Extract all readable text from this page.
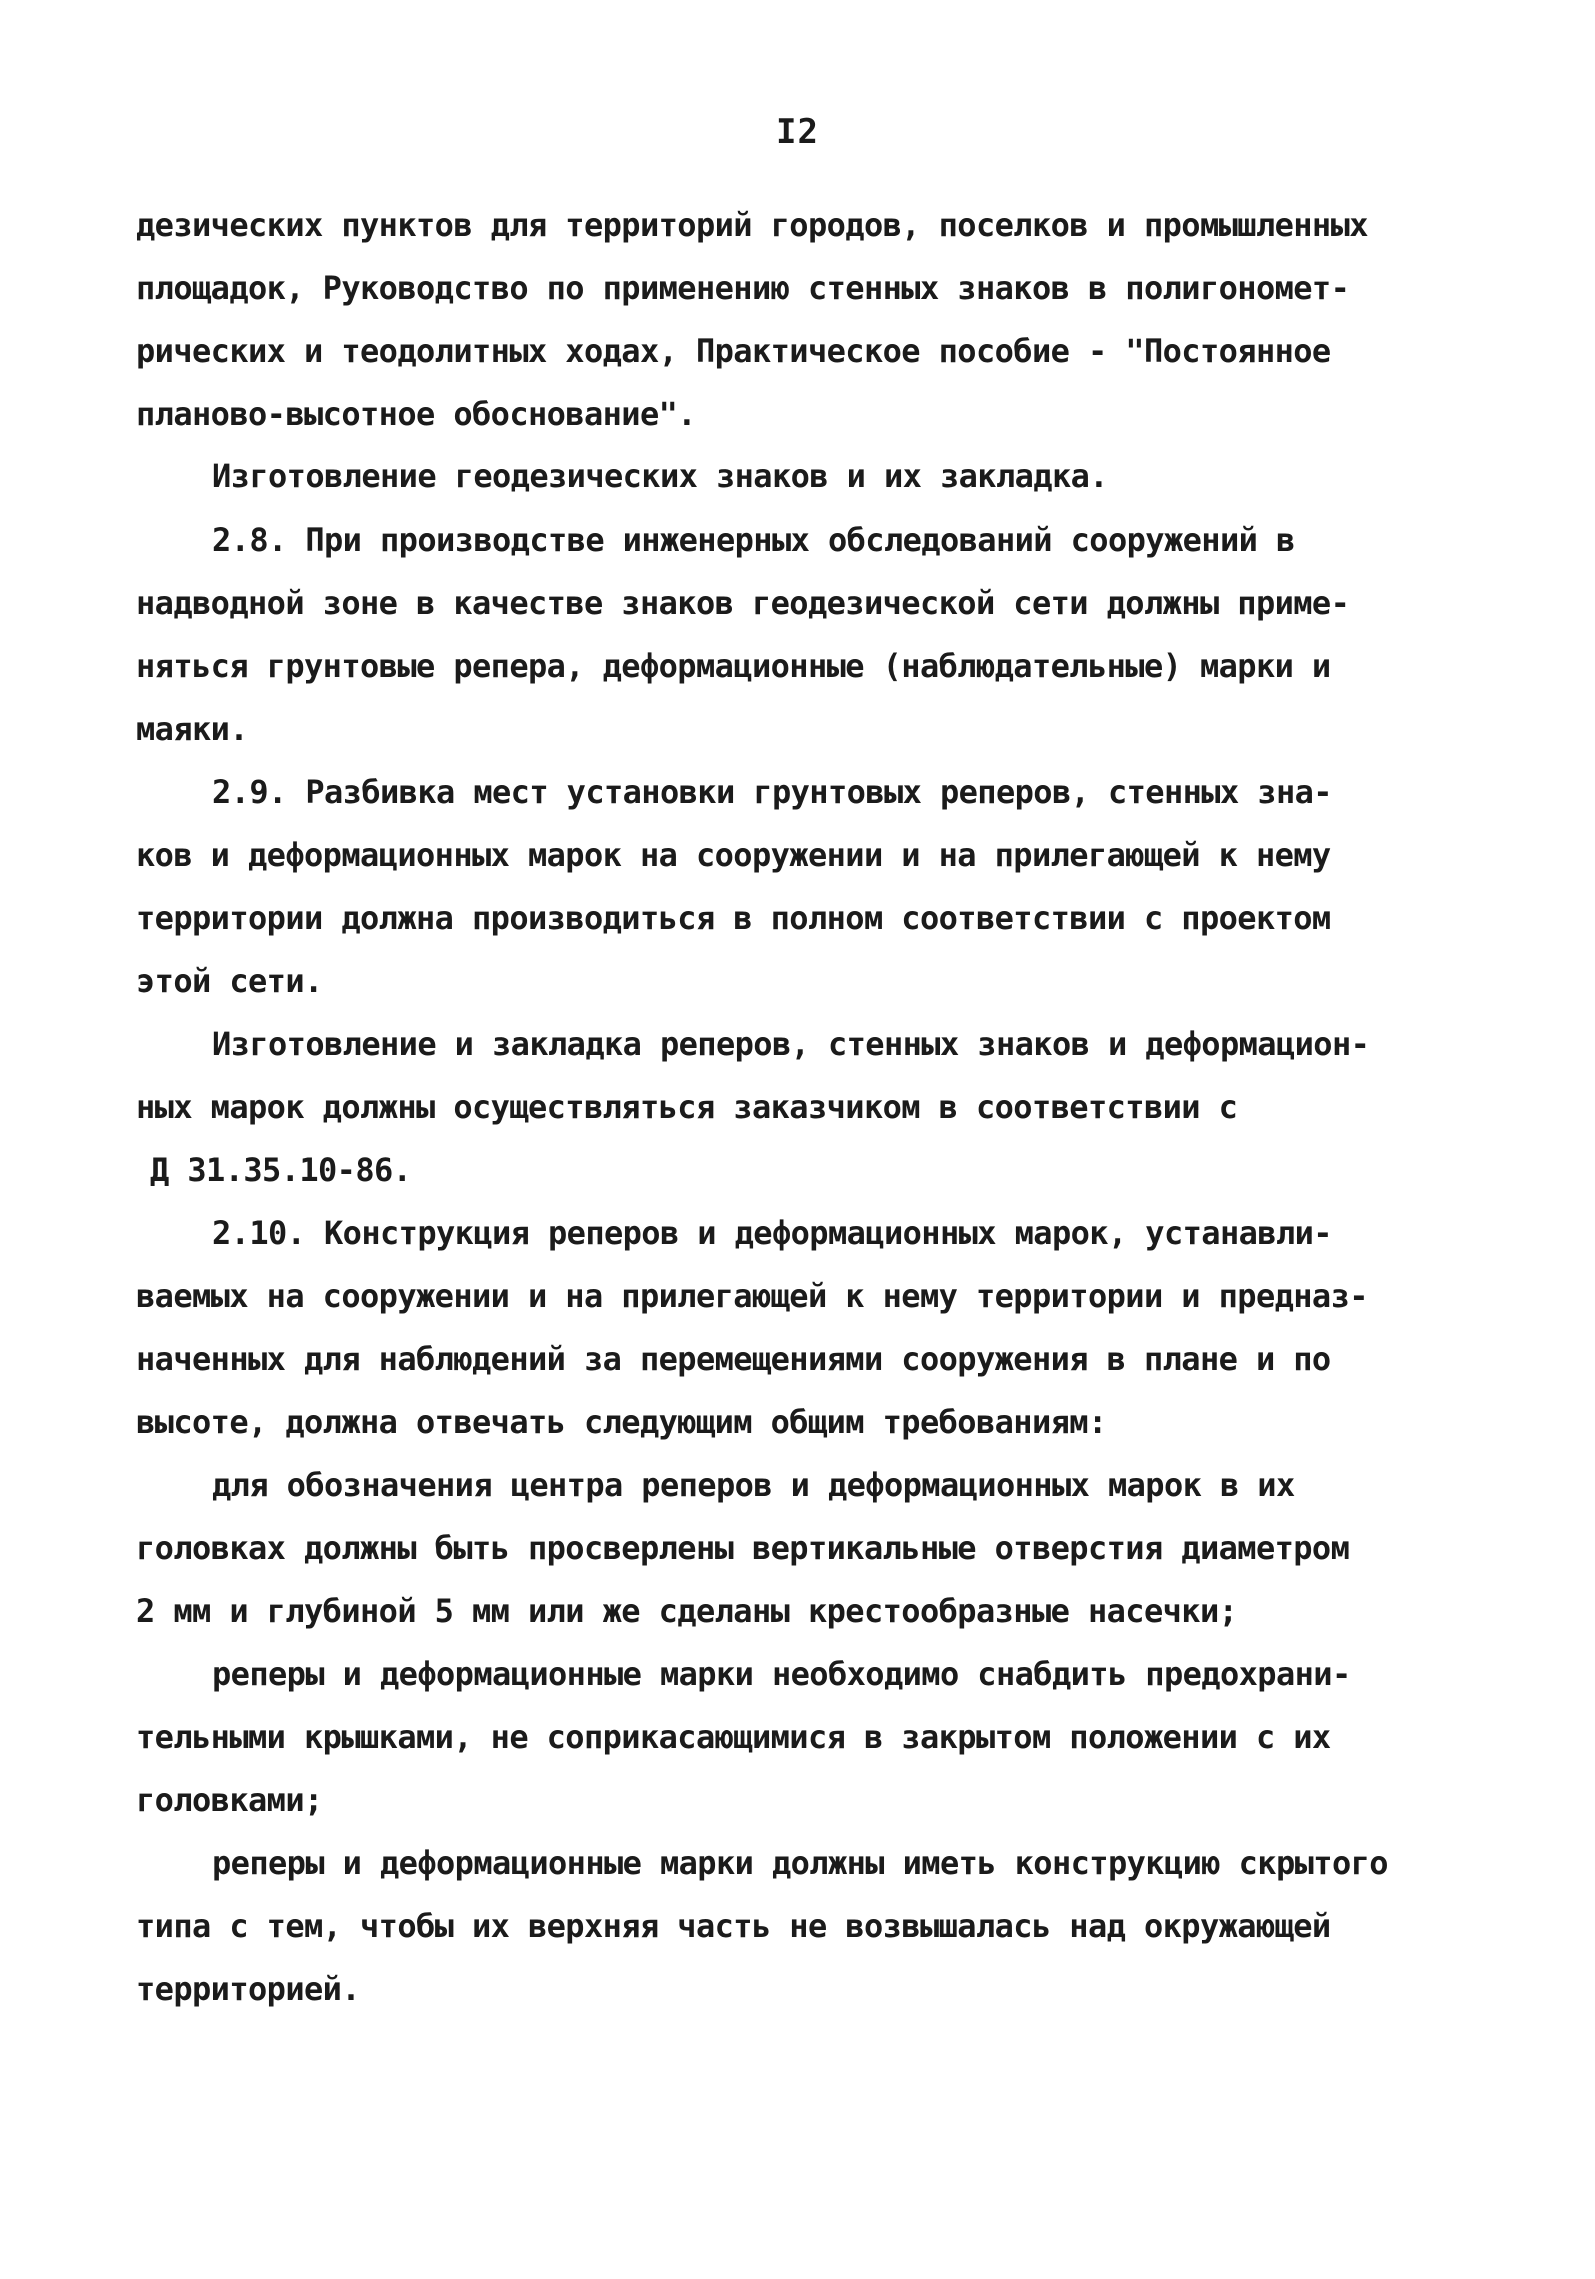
I2
дезических пунктов для территорий городов, поселков и промышленных
площадок, Руководство по применению стенных знаков в полигономет-
рических и теодолитных ходах, Практическое пособие - "Постоянное
планово-высотное обоснование".
Изготовление геодезических знаков и их закладка.
2.8. При производстве инженерных обследований сооружений в
надводной зоне в качестве знаков геодезической сети должны приме-
няться грунтовые репера, деформационные (наблюдательные) марки и
маяки.
2.9. Разбивка мест установки грунтовых реперов, стенных зна-
ков и деформационных марок на сооружении и на прилегающей к нему
территории должна производиться в полном соответствии с проектом
этой сети.
Изготовление и закладка реперов, стенных знаков и деформацион-
ных марок должны осуществляться заказчиком в соответствии с
Д 31.35.10-86.
2.10. Конструкция реперов и деформационных марок, устанавли-
ваемых на сооружении и на прилегающей к нему территории и предназ-
наченных для наблюдений за перемещениями сооружения в плане и по
высоте, должна отвечать следующим общим требованиям:
для обозначения центра реперов и деформационных марок в их
головках должны быть просверлены вертикальные отверстия диаметром
2 мм и глубиной 5 мм или же сделаны крестообразные насечки;
реперы и деформационные марки необходимо снабдить предохрани-
тельными крышками, не соприкасающимися в закрытом положении с их
головками;
реперы и деформационные марки должны иметь конструкцию скрытого
типа с тем, чтобы их верхняя часть не возвышалась над окружающей
территорией.
